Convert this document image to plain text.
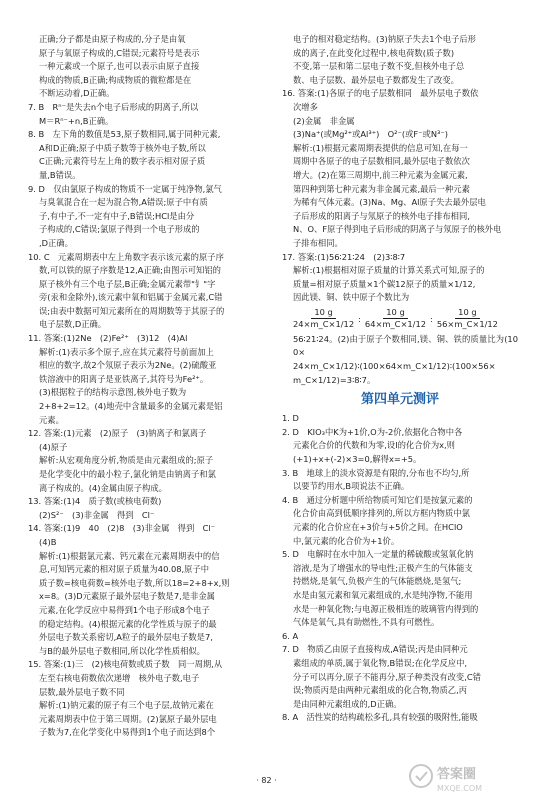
正确;分子都是由原子构成的,分子是由氧

原子与氧原子构成的,C错误;元素符号是表示

一种元素或一个原子,也可以表示由原子直接

构成的物质,B正确;构成物质的微粒都是在

不断运动着,D正确。

7. B　Rⁿ⁻是失去n个电子后形成的阴离子,所以

M＝Rⁿ⁻+n,B正确。

8. B　左下角的数值是53,原子数相同,属于同种元素,

A和D正确;原子中质子数等于核外电子数,所以

C正确;元素符号左上角的数字表示相对原子质

量,B错误。

9. D　仅由氯原子构成的物质不一定属于纯净物,氯气

与臭氧混合在一起为混合物,A错误;原子中有质

子,有中子,不一定有中子,B错误;HCl是由分

子构成的,C错误;氯原子得到一个电子形成的

,D正确。

10. C　元素周期表中左上角数字表示该元素的原子序

数,可以铁的原子序数是12,A正确;由图示可知铝的

原子核外有三个电子层,B正确;金属元素带"钅"字

旁(汞和金除外),该元素中氧和铝属于金属元素,C错

误;由表中数据可知元素所在的周期数等于其原子的

电子层数,D正确。

11. 答案:(1)2Ne　(2)Fe²⁺　(3)12　(4)Al

解析:(1)表示多个原子,应在其元素符号前面加上

相应的数字,故2个氖原子表示为2Ne。(2)硫酸亚

铁溶液中的阳离子是亚铁离子,其符号为Fe²⁺。

(3)根据粒子的结构示意图,核外电子数为

2+8+2=12。(4)地壳中含量最多的金属元素是铝

元素。

12. 答案:(1)元素　(2)原子　(3)钠离子和氯离子

(4)原子

解析:从宏观角度分析,物质是由元素组成的;原子

是化学变化中的最小粒子,氯化钠是由钠离子和氯

离子构成的。(4)金属由原子构成。

13. 答案:(1)4　质子数(或核电荷数)

(2)S²⁻　(3)非金属　得到　Cl⁻

14. 答案:(1)9　40　(2)8　(3)非金属　得到　Cl⁻

(4)B

解析:(1)根据氯元素、钙元素在元素周期表中的信

息,可知钙元素的相对原子质量为40.08,原子中

质子数=核电荷数=核外电子数,所以18=2+8+x,则

x=8。(3)D元素原子最外层电子数是7,是非金属

元素,在化学反应中易得到1个电子形成8个电子

的稳定结构。(4)根据元素的化学性质与原子的最

外层电子数关系密切,A粒子的最外层电子数是7,

与B的最外层电子数相同,所以化学性质相似。

15. 答案:(1)三　(2)核电荷数或质子数　同一周期,从

左至右核电荷数依次递增　核外电子数,电子

层数,最外层电子数不同

解析:(1)钠元素的原子有三个电子层,故钠元素在

元素周期表中位于第三周期。(2)氯原子最外层电

子数为7,在化学变化中易得到1个电子而达到8个

电子的相对稳定结构。(3)钠原子失去1个电子后形

成的离子,在此变化过程中,核电荷数(质子数)

不变,第一层和第二层电子数不变,但核外电子总

数、电子层数、最外层电子数都发生了改变。

16. 答案:(1)各原子的电子层数相同　最外层电子数依

次增多

(2)金属　非金属

(3)Na⁺(或Mg²⁺或Al³⁺)　O²⁻(或F⁻或N³⁻)

解析:(1)根据元素周期表提供的信息可知,在每一

周期中各原子的电子层数相同,最外层电子数依次

增大。(2)在第三周期中,前三种元素为金属元素,

第四种到第七种元素为非金属元素,最后一种元素

为稀有气体元素。(3)Na、Mg、Al原子失去最外层电

子后形成的阳离子与氖原子的核外电子排布相同,

N、O、F原子得到电子后形成的阴离子与氖原子的核外电

子排布相同。

17. 答案:(1)56∶21∶24　(2)3∶8∶7

解析:(1)根据相对原子质量的计算关系式可知,原子的

质量=相对原子质量×1个碳12原子的质量×1/12,

因此镁、铜、铁中原子个数比为

$\frac{10 g}{24\times m\_C\times 1/12}$ : $\frac{10 g}{64\times m\_C\times 1/12}$ : $\frac{10 g}{56\times m\_C\times 1/12}$

56∶21∶24。(2)由于原子个数相同,镁、铜、铁的质量比为(100×

24×m_C×1/12)∶(100×64×m_C×1/12)∶(100×56×

m_C×1/12)=3∶8∶7。

第四单元测评

1. D

2. D　KIO₃中K为+1价,O为-2价,依据化合物中各

元素化合价的代数和为零,设I的化合价为x,则

(+1)+x+(-2)×3=0,解得x=+5。

3. B　地球上的淡水资源是有限的,分布也不均匀,所

以要节约用水,B项说法不正确。

4. B　通过分析题中所给物质可知它们是按氯元素的

化合价由高到低顺序排列的,所以方框内物质中氯

元素的化合价应在+3价与+5价之间。在HClO

中,氯元素的化合价为+1价。

5. D　电解时在水中加入一定量的稀硫酸或氢氧化钠

溶液,是为了增强水的导电性;正极产生的气体能支

持燃烧,是氧气,负极产生的气体能燃烧,是氢气;

水是由氢元素和氧元素组成的,水是纯净物,不能用

水是一种氧化物;与电源正极相连的玻璃管内得到的

气体是氧气,具有助燃性,不具有可燃性。

6. A

7. D　物质乙由原子直接构成,A错误;丙是由同种元

素组成的单质,属于氧化物,B错误;在化学反应中,

分子可以再分,原子不能再分,原子种类没有改变,C错

误;物质丙是由两种元素组成的化合物,物质乙,丙

是由同种元素组成的,D正确。

8. A　活性炭的结构疏松多孔,具有较强的吸附性,能吸

· 82 ·	答案圈
MXQE.COM
